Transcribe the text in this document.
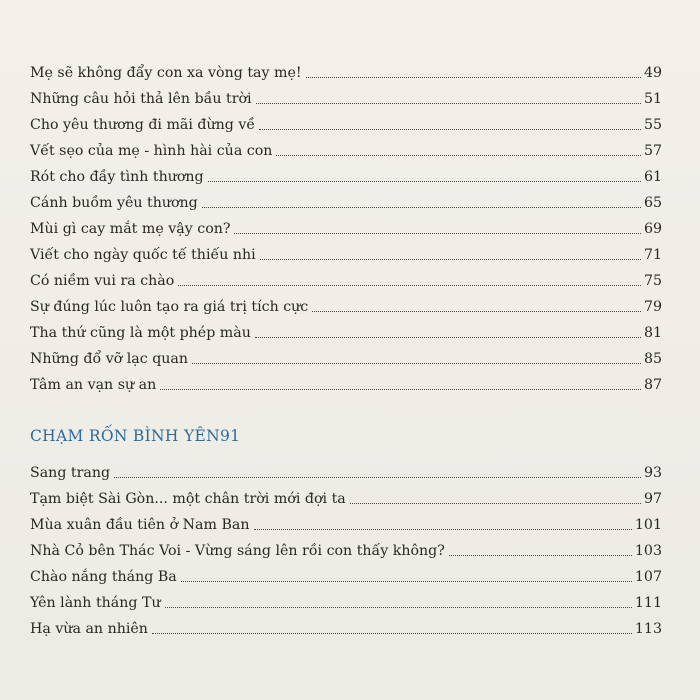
Mẹ sẽ không đẩy con xa vòng tay mẹ!	49
Những câu hỏi thả lên bầu trời	51
Cho yêu thương đi mãi đừng về	55
Vết sẹo của mẹ - hình hài của con	57
Rót cho đầy tình thương	61
Cánh buồm yêu thương	65
Mùi gì cay mắt mẹ vậy con?	69
Viết cho ngày quốc tế thiếu nhi	71
Có niềm vui ra chào	75
Sự đúng lúc luôn tạo ra giá trị tích cực	79
Tha thứ cũng là một phép màu	81
Những đổ vỡ lạc quan	85
Tâm an vạn sự an	87
CHẠM RỐN BÌNH YÊN 91
Sang trang	93
Tạm biệt Sài Gòn... một chân trời mới đợi ta	97
Mùa xuân đầu tiên ở Nam Ban	101
Nhà Cỏ bên Thác Voi - Vừng sáng lên rồi con thấy không?	103
Chào nắng tháng Ba	107
Yên lành tháng Tư	111
Hạ vừa an nhiên	113
